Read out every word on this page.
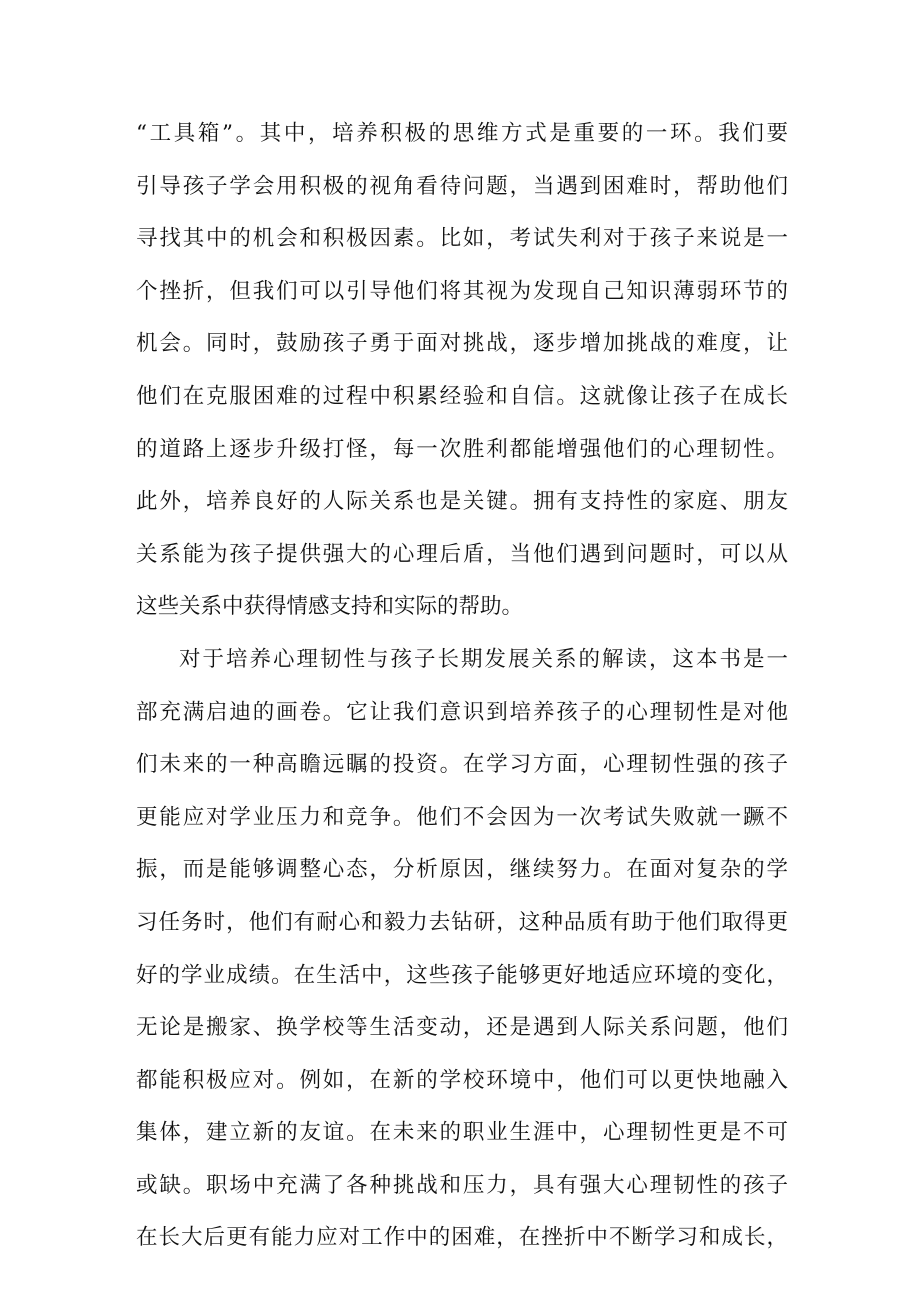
“工具箱”。其中，培养积极的思维方式是重要的一环。我们要
引导孩子学会用积极的视角看待问题，当遇到困难时，帮助他们
寻找其中的机会和积极因素。比如，考试失利对于孩子来说是一
个挫折，但我们可以引导他们将其视为发现自己知识薄弱环节的
机会。同时，鼓励孩子勇于面对挑战，逐步增加挑战的难度，让
他们在克服困难的过程中积累经验和自信。这就像让孩子在成长
的道路上逐步升级打怪，每一次胜利都能增强他们的心理韧性。
此外，培养良好的人际关系也是关键。拥有支持性的家庭、朋友
关系能为孩子提供强大的心理后盾，当他们遇到问题时，可以从
这些关系中获得情感支持和实际的帮助。
对于培养心理韧性与孩子长期发展关系的解读，这本书是一
部充满启迪的画卷。它让我们意识到培养孩子的心理韧性是对他
们未来的一种高瞻远瞩的投资。在学习方面，心理韧性强的孩子
更能应对学业压力和竞争。他们不会因为一次考试失败就一蹶不
振，而是能够调整心态，分析原因，继续努力。在面对复杂的学
习任务时，他们有耐心和毅力去钻研，这种品质有助于他们取得更
好的学业成绩。在生活中，这些孩子能够更好地适应环境的变化，
无论是搬家、换学校等生活变动，还是遇到人际关系问题，他们
都能积极应对。例如，在新的学校环境中，他们可以更快地融入
集体，建立新的友谊。在未来的职业生涯中，心理韧性更是不可
或缺。职场中充满了各种挑战和压力，具有强大心理韧性的孩子
在长大后更有能力应对工作中的困难，在挫折中不断学习和成长，
